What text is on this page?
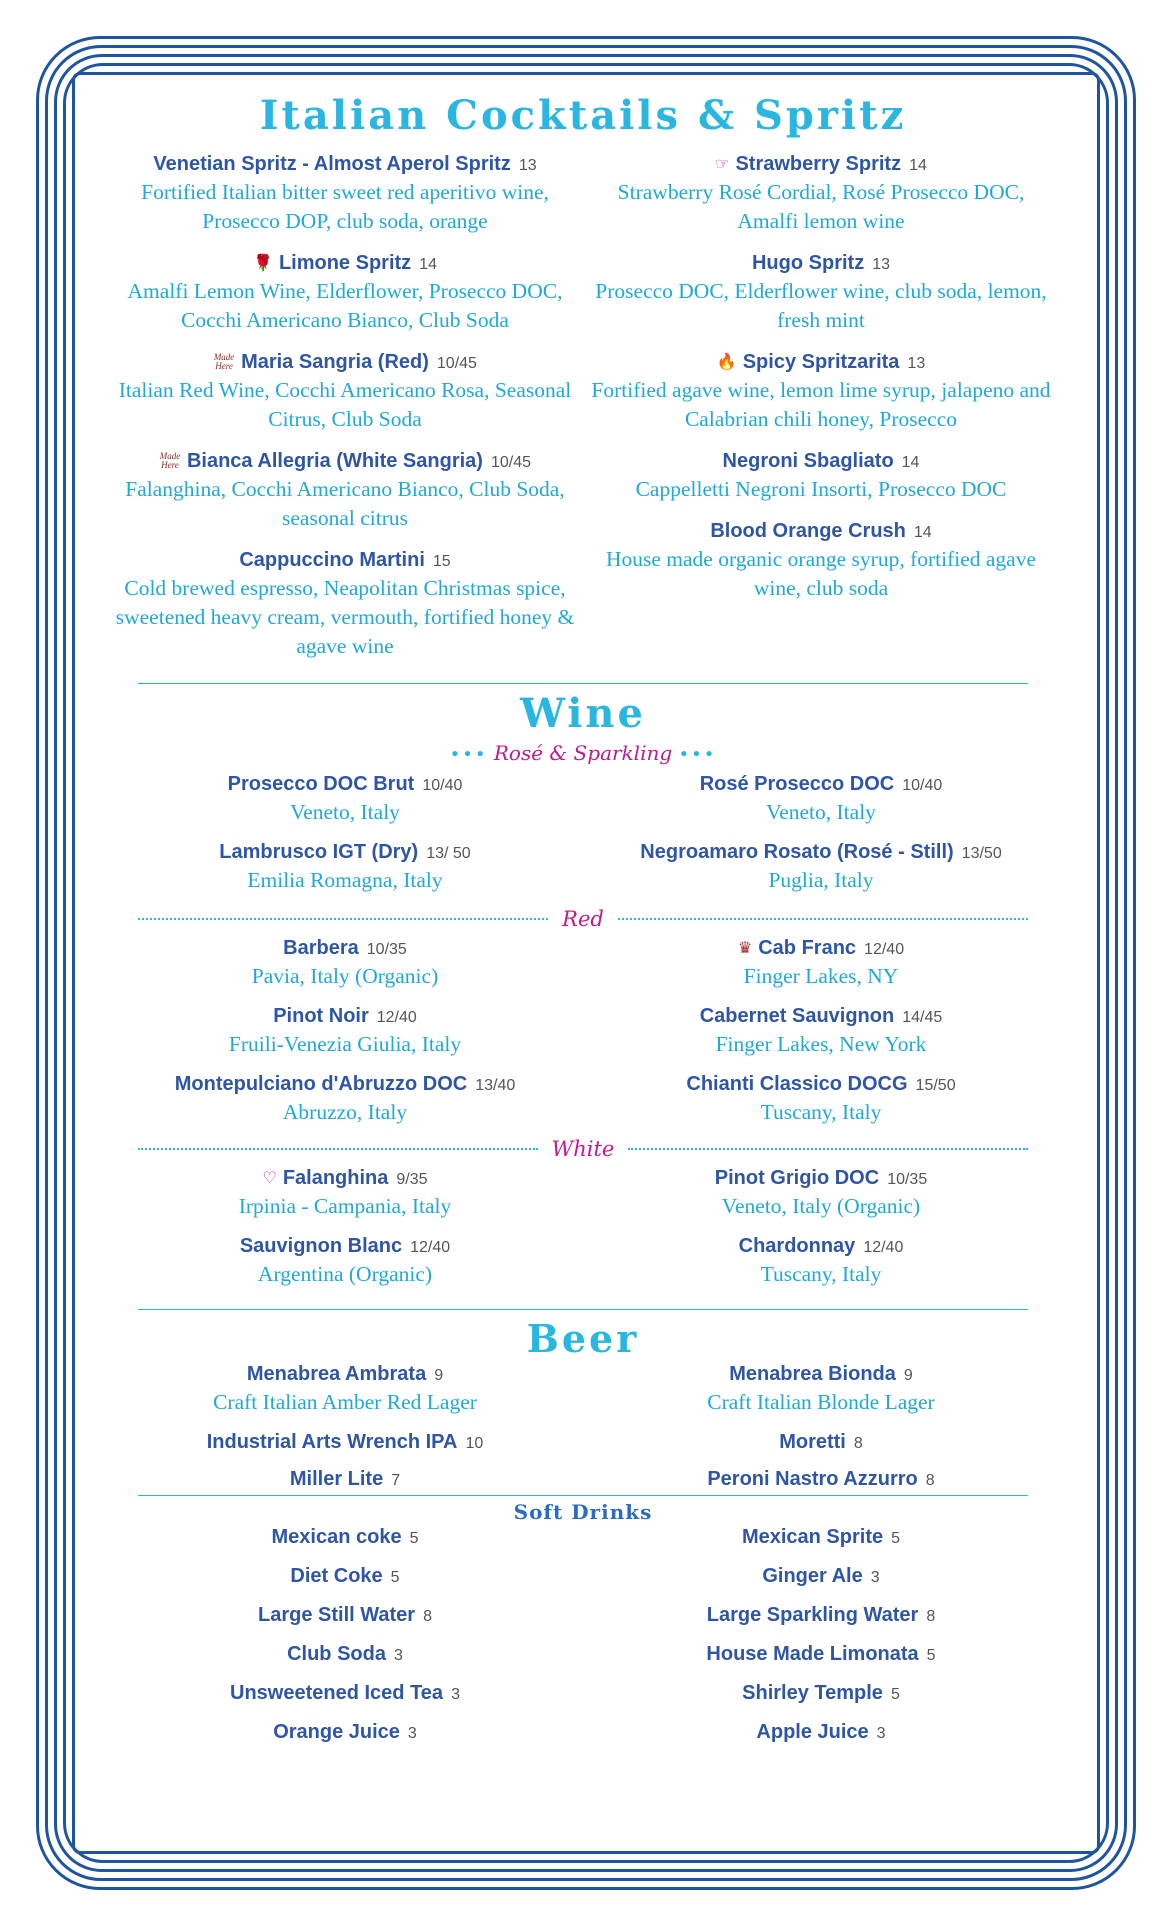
Italian Cocktails & Spritz
Venetian Spritz - Almost Aperol Spritz 13
Fortified Italian bitter sweet red aperitivo wine, Prosecco DOP, club soda, orange
🌹 Limone Spritz 14
Amalfi Lemon Wine, Elderflower, Prosecco DOC, Cocchi Americano Bianco, Club Soda
Made Here Maria Sangria (Red) 10/45
Italian Red Wine, Cocchi Americano Rosa, Seasonal Citrus, Club Soda
Made Here Bianca Allegria (White Sangria) 10/45
Falanghina, Cocchi Americano Bianco, Club Soda, seasonal citrus
Cappuccino Martini 15
Cold brewed espresso, Neapolitan Christmas spice, sweetened heavy cream, vermouth, fortified honey & agave wine
☞ Strawberry Spritz 14
Strawberry Rosé Cordial, Rosé Prosecco DOC, Amalfi lemon wine
Hugo Spritz 13
Prosecco DOC, Elderflower wine, club soda, lemon, fresh mint
🔥 Spicy Spritzarita 13
Fortified agave wine, lemon lime syrup, jalapeno and Calabrian chili honey, Prosecco
Negroni Sbagliato 14
Cappelletti Negroni Insorti, Prosecco DOC
Blood Orange Crush 14
House made organic orange syrup, fortified agave wine, club soda
Wine
••• Rosé & Sparkling •••
Prosecco DOC Brut 10/40
Veneto, Italy
Lambrusco IGT (Dry) 13/ 50
Emilia Romagna, Italy
Rosé Prosecco DOC 10/40
Veneto, Italy
Negroamaro Rosato (Rosé - Still) 13/50
Puglia, Italy
Red
Barbera 10/35
Pavia, Italy (Organic)
Pinot Noir 12/40
Fruili-Venezia Giulia, Italy
Montepulciano d'Abruzzo DOC 13/40
Abruzzo, Italy
♛ Cab Franc 12/40
Finger Lakes, NY
Cabernet Sauvignon 14/45
Finger Lakes, New York
Chianti Classico DOCG 15/50
Tuscany, Italy
White
♡ Falanghina 9/35
Irpinia - Campania, Italy
Sauvignon Blanc 12/40
Argentina (Organic)
Pinot Grigio DOC 10/35
Veneto, Italy (Organic)
Chardonnay 12/40
Tuscany, Italy
Beer
Menabrea Ambrata 9
Craft Italian Amber Red Lager
Industrial Arts Wrench IPA 10
Miller Lite 7
Menabrea Bionda 9
Craft Italian Blonde Lager
Moretti 8
Peroni Nastro Azzurro 8
Soft Drinks
Mexican coke 5
Diet Coke 5
Large Still Water 8
Club Soda 3
Unsweetened Iced Tea 3
Orange Juice 3
Mexican Sprite 5
Ginger Ale 3
Large Sparkling Water 8
House Made Limonata 5
Shirley Temple 5
Apple Juice 3
